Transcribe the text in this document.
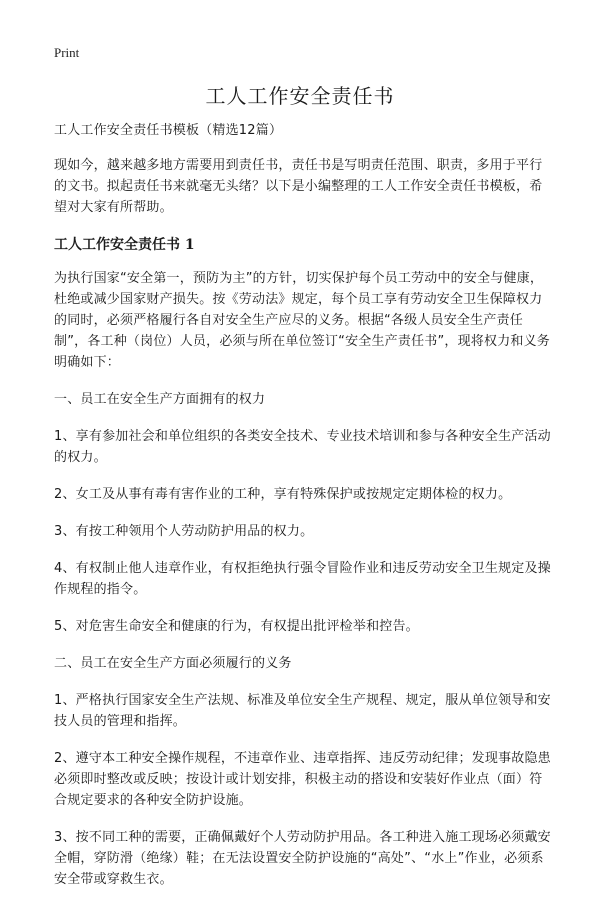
Print
工人工作安全责任书

工人工作安全责任书模板（精选12篇）

现如今，越来越多地方需要用到责任书，责任书是写明责任范围、职责，多用于平行的文书。拟起责任书来就毫无头绪？以下是小编整理的工人工作安全责任书模板，希望对大家有所帮助。

工人工作安全责任书 1

为执行国家“安全第一，预防为主”的方针，切实保护每个员工劳动中的安全与健康，杜绝或减少国家财产损失。按《劳动法》规定，每个员工享有劳动安全卫生保障权力的同时，必须严格履行各自对安全生产应尽的义务。根据“各级人员安全生产责任制”，各工种（岗位）人员，必须与所在单位签订“安全生产责任书”，现将权力和义务明确如下：

一、员工在安全生产方面拥有的权力

1、享有参加社会和单位组织的各类安全技术、专业技术培训和参与各种安全生产活动的权力。

2、女工及从事有毒有害作业的工种，享有特殊保护或按规定定期体检的权力。

3、有按工种领用个人劳动防护用品的权力。

4、有权制止他人违章作业，有权拒绝执行强令冒险作业和违反劳动安全卫生规定及操作规程的指令。

5、对危害生命安全和健康的行为，有权提出批评检举和控告。

二、员工在安全生产方面必须履行的义务

1、严格执行国家安全生产法规、标准及单位安全生产规程、规定，服从单位领导和安技人员的管理和指挥。

2、遵守本工种安全操作规程，不违章作业、违章指挥、违反劳动纪律；发现事故隐患必须即时整改或反映；按设计或计划安排，积极主动的搭设和安装好作业点（面）符合规定要求的各种安全防护设施。

3、按不同工种的需要，正确佩戴好个人劳动防护用品。各工种进入施工现场必须戴安全帽，穿防滑（绝缘）鞋；在无法设置安全防护设施的“高处”、“水上”作业，必须系安全带或穿救生衣。
